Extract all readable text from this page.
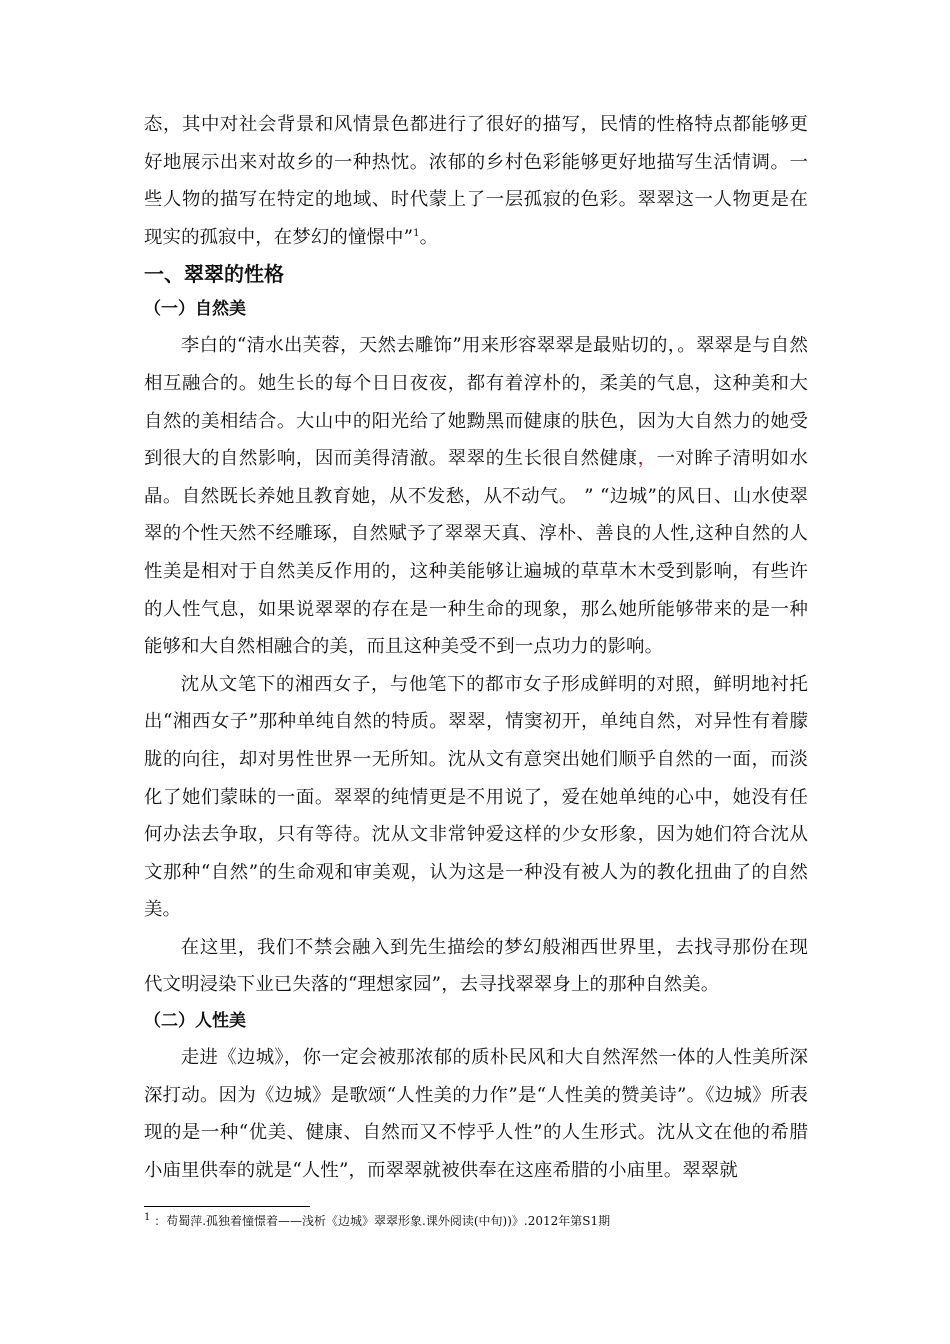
态，其中对社会背景和风情景色都进行了很好的描写，民情的性格特点都能够更好地展示出来对故乡的一种热忱。浓郁的乡村色彩能够更好地描写生活情调。一些人物的描写在特定的地域、时代蒙上了一层孤寂的色彩。翠翠这一人物更是在现实的孤寂中，在梦幻的憧憬中”$^1$。

一、翠翠的性格
（一）自然美

李白的“清水出芙蓉，天然去雕饰”用来形容翠翠是最贴切的，。翠翠是与自然相互融合的。她生长的每个日日夜夜，都有着淳朴的，柔美的气息，这种美和大自然的美相结合。大山中的阳光给了她黝黑而健康的肤色，因为大自然力的她受到很大的自然影响，因而美得清澈。翠翠的生长很自然健康，一对眸子清明如水晶。自然既长养她且教育她，从不发愁，从不动气。 ” “边城”的风日、山水使翠翠的个性天然不经雕琢，自然赋予了翠翠天真、淳朴、善良的人性,这种自然的人性美是相对于自然美反作用的，这种美能够让遍城的草草木木受到影响，有些许的人性气息，如果说翠翠的存在是一种生命的现象，那么她所能够带来的是一种能够和大自然相融合的美，而且这种美受不到一点功力的影响。

沈从文笔下的湘西女子，与他笔下的都市女子形成鲜明的对照，鲜明地衬托出“湘西女子”那种单纯自然的特质。翠翠，情窦初开，单纯自然，对异性有着朦胧的向往，却对男性世界一无所知。沈从文有意突出她们顺乎自然的一面，而淡化了她们蒙昧的一面。翠翠的纯情更是不用说了，爱在她单纯的心中，她没有任何办法去争取，只有等待。沈从文非常钟爱这样的少女形象，因为她们符合沈从文那种“自然”的生命观和审美观，认为这是一种没有被人为的教化扭曲了的自然美。

在这里，我们不禁会融入到先生描绘的梦幻般湘西世界里，去找寻那份在现代文明浸染下业已失落的“理想家园”，去寻找翠翠身上的那种自然美。

（二）人性美

走进《边城》，你一定会被那浓郁的质朴民风和大自然浑然一体的人性美所深深打动。因为《边城》是歌颂“人性美的力作”是“人性美的赞美诗”。《边城》所表现的是一种“优美、健康、自然而又不悖乎人性”的人生形式。沈从文在他的希腊小庙里供奉的就是“人性”，而翠翠就被供奉在这座希腊的小庙里。翠翠就

$^1$ ：苟蜀萍.孤独着憧憬着——浅析《边城》翠翠形象.课外阅读(中旬))》.2012年第S1期
